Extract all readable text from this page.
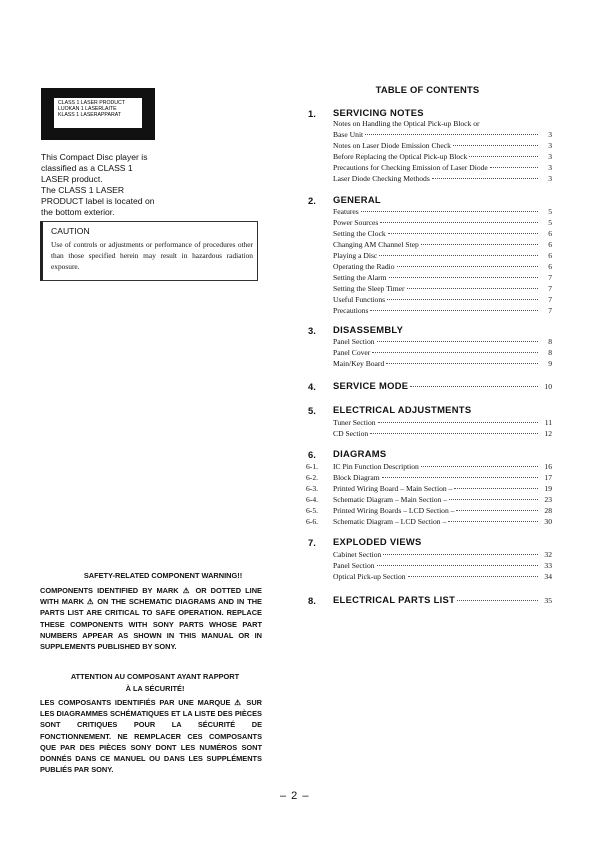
CLASS 1 LASER PRODUCT
LUOKAN 1 LASERLAITE
KLASS 1 LASERAPPARAT
This Compact Disc player is
classified as a CLASS 1
LASER product.
The CLASS 1 LASER
PRODUCT label is located on
the bottom exterior.
CAUTION
Use of controls or adjustments or performance of procedures other than those specified herein may result in hazardous radiation exposure.
SAFETY-RELATED COMPONENT WARNING!!
COMPONENTS IDENTIFIED BY MARK ⚠ OR DOTTED LINE WITH MARK ⚠ ON THE SCHEMATIC DIAGRAMS AND IN THE PARTS LIST ARE CRITICAL TO SAFE OPERATION. REPLACE THESE COMPONENTS WITH SONY PARTS WHOSE PART NUMBERS APPEAR AS SHOWN IN THIS MANUAL OR IN SUPPLEMENTS PUBLISHED BY SONY.
ATTENTION AU COMPOSANT AYANT RAPPORT
À LA SÉCURITÉ!
LES COMPOSANTS IDENTIFIÉS PAR UNE MARQUE ⚠ SUR LES DIAGRAMMES SCHÉMATIQUES ET LA LISTE DES PIÈCES SONT CRITIQUES POUR LA SÉCURITÉ DE FONCTIONNEMENT. NE REMPLACER CES COMPOSANTS QUE PAR DES PIÈCES SONY DONT LES NUMÉROS SONT DONNÉS DANS CE MANUEL OU DANS LES SUPPLÉMENTS PUBLIÉS PAR SONY.
TABLE OF CONTENTS
1. SERVICING NOTES
Notes on Handling the Optical Pick-up Block or
Base Unit	3
Notes on Laser Diode Emission Check	3
Before Replacing the Optical Pick-up Block	3
Precautions for Checking Emission of Laser Diode	3
Laser Diode Checking Methods	3
2. GENERAL
Features	5
Power Sources	5
Setting the Clock	6
Changing AM Channel Step	6
Playing a Disc	6
Operating the Radio	6
Setting the Alarm	7
Setting the Sleep Timer	7
Useful Functions	7
Precautions	7
3. DISASSEMBLY
Panel Section	8
Panel Cover	8
Main/Key Board	9
4. SERVICE MODE	10
5. ELECTRICAL ADJUSTMENTS
Tuner Section	11
CD Section	12
6. DIAGRAMS
6-1. IC Pin Function Description	16
6-2. Block Diagram	17
6-3. Printed Wiring Board – Main Section –	19
6-4. Schematic Diagram – Main Section –	23
6-5. Printed Wiring Boards – LCD Section –	28
6-6. Schematic Diagram – LCD Section –	30
7. EXPLODED VIEWS
Cabinet Section	32
Panel Section	33
Optical Pick-up Section	34
8. ELECTRICAL PARTS LIST	35
– 2 –
